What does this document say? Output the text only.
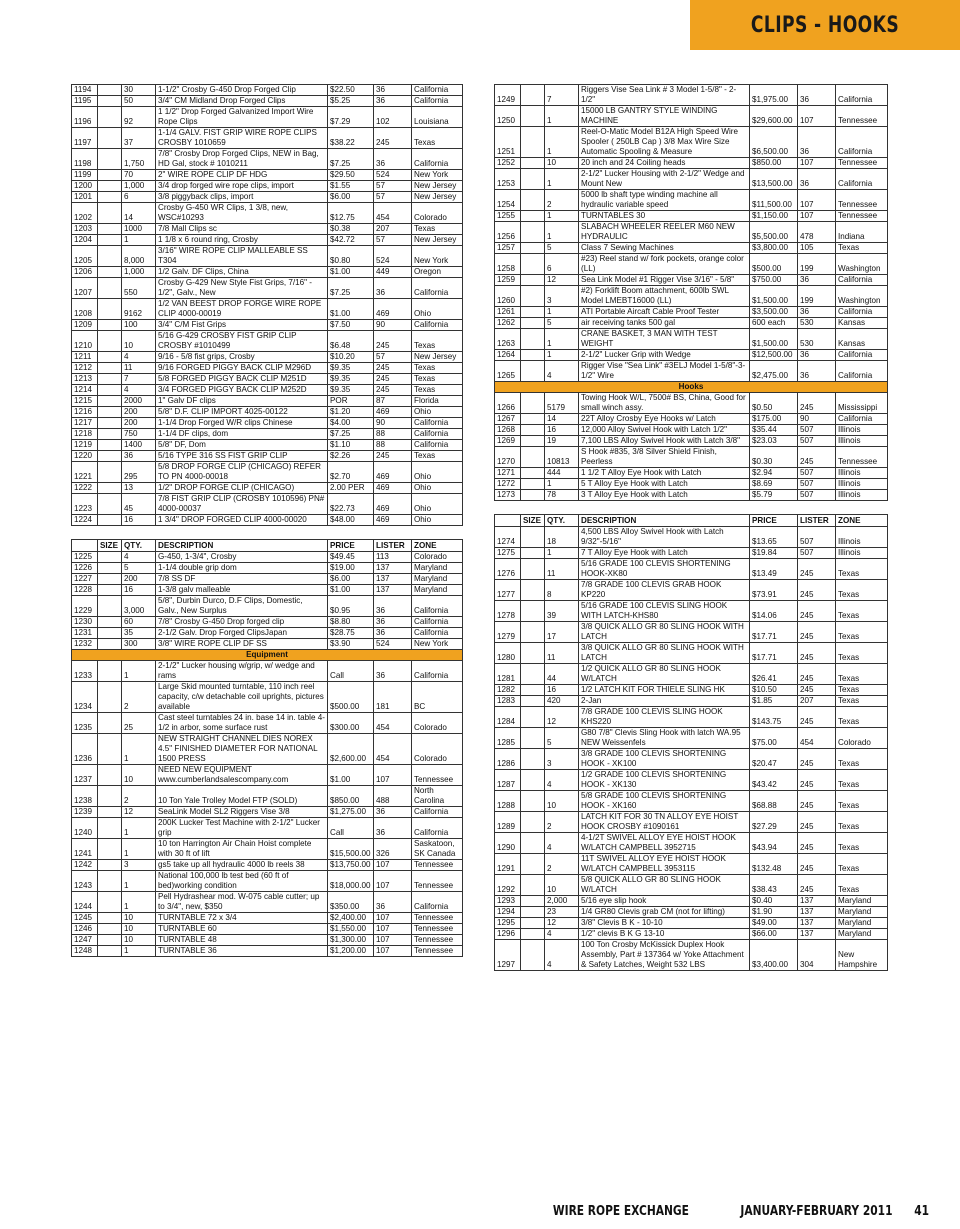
CLIPS - HOOKS
1194		30	1-1/2" Crosby G-450 Drop Forged Clip	$22.50	36	California
1195		50	3/4" CM Midland Drop Forged Clips	$5.25	36	California
1196		92	1 1/2" Drop Forged Galvanized Import Wire Rope Clips	$7.29	102	Louisiana
1197		37	1-1/4 GALV. FIST GRIP WIRE ROPE CLIPS CROSBY 1010659	$38.22	245	Texas
1198		1,750	7/8" Crosby Drop Forged Clips, NEW in Bag, HD Gal, stock # 1010211	$7.25	36	California
1199		70	2" WIRE ROPE CLIP DF HDG	$29.50	524	New York
1200		1,000	3/4 drop forged wire rope clips, import	$1.55	57	New Jersey
1201		6	3/8 piggyback clips, import	$6.00	57	New Jersey
1202		14	Crosby G-450 WR Clips, 1 3/8, new, WSC#10293	$12.75	454	Colorado
1203		1000	7/8 Mall Clips sc	$0.38	207	Texas
1204		1	1 1/8 x 6 round ring, Crosby	$42.72	57	New Jersey
1205		8,000	3/16" WIRE ROPE CLIP MALLEABLE SS T304	$0.80	524	New York
1206		1,000	1/2 Galv. DF Clips, China	$1.00	449	Oregon
1207		550	Crosby G-429 New Style Fist Grips, 7/16" - 1/2", Galv., New	$7.25	36	California
1208		9162	1/2 VAN BEEST DROP FORGE WIRE ROPE CLIP 4000-00019	$1.00	469	Ohio
1209		100	3/4" C/M Fist Grips	$7.50	90	California
1210		10	5/16 G-429 CROSBY FIST GRIP CLIP CROSBY #1010499	$6.48	245	Texas
1211		4	9/16 - 5/8 fist grips, Crosby	$10.20	57	New Jersey
1212		11	9/16 FORGED PIGGY BACK CLIP M296D	$9.35	245	Texas
1213		7	5/8 FORGED PIGGY BACK CLIP M251D	$9.35	245	Texas
1214		4	3/4 FORGED PIGGY BACK CLIP M252D	$9.35	245	Texas
1215		2000	1" Galv DF clips	POR	87	Florida
1216		200	5/8" D.F. CLIP IMPORT 4025-00122	$1.20	469	Ohio
1217		200	1-1/4 Drop Forged W/R clips Chinese	$4.00	90	California
1218		750	1-1/4 DF clips, dom	$7.25	88	California
1219		1400	5/8" DF, Dom	$1.10	88	California
1220		36	5/16 TYPE 316 SS FIST GRIP CLIP	$2.26	245	Texas
1221		295	5/8 DROP FORGE CLIP (CHICAGO) REFER TO PN 4000-00018	$2.70	469	Ohio
1222		13	1/2" DROP FORGE CLIP (CHICAGO)	2.00 PER	469	Ohio
1223		45	7/8 FIST GRIP CLIP (CROSBY 1010596) PN# 4000-00037	$22.73	469	Ohio
1224		16	1 3/4" DROP FORGED CLIP 4000-00020	$48.00	469	Ohio

	SIZE	QTY.	DESCRIPTION	PRICE	LISTER	ZONE
1225		4	G-450, 1-3/4", Crosby	$49.45	113	Colorado
1226		5	1-1/4 double grip dom	$19.00	137	Maryland
1227		200	7/8 SS DF	$6.00	137	Maryland
1228		16	1-3/8 galv malleable	$1.00	137	Maryland
1229		3,000	5/8", Durbin Durco, D.F Clips, Domestic, Galv., New Surplus	$0.95	36	California
1230		60	7/8" Crosby G-450 Drop forged clip	$8.80	36	California
1231		35	2-1/2 Galv. Drop Forged ClipsJapan	$28.75	36	California
1232		300	3/8" WIRE ROPE CLIP DF SS	$3.90	524	New York
Equipment						
1233		1	2-1/2" Lucker housing w/grip, w/ wedge and rams	Call	36	California
1234		2	Large Skid mounted turntable, 110 inch reel capacity, c/w detachable coil uprights, pictures available	$500.00	181	BC
1235		25	Cast steel turntables 24 in. base 14 in. table 4-1/2 in arbor, some surface rust	$300.00	454	Colorado
1236		1	NEW STRAIGHT CHANNEL DIES NOREX 4.5" FINISHED DIAMETER FOR NATIONAL 1500 PRESS	$2,600.00	454	Colorado
1237		10	NEED NEW EQUIPMENT www.cumberlandsalescompany.com	$1.00	107	Tennessee
1238		2	10 Ton Yale Trolley Model FTP (SOLD)	$850.00	488	North Carolina
1239		12	SeaLink Model SL2 Riggers Vise 3/8	$1,275.00	36	California
1240		1	200K Lucker Test Machine with 2-1/2" Lucker grip	Call	36	California
1241		1	10 ton Harrington Air Chain Hoist complete with 30 ft of lift	$15,500.00	326	Saskatoon, SK Canada
1242		3	gs5 take up all hydraulic 4000 lb reels 38	$13,750.00	107	Tennessee
1243		1	National 100,000 lb test bed (60 ft of bed)working condition	$18,000.00	107	Tennessee
1244		1	Pell Hydrashear mod. W-075 cable cutter; up to 3/4", new, $350	$350.00	36	California
1245		10	TURNTABLE 72 x 3/4	$2,400.00	107	Tennessee
1246		10	TURNTABLE 60	$1,550.00	107	Tennessee
1247		10	TURNTABLE 48	$1,300.00	107	Tennessee
1248		1	TURNTABLE 36	$1,200.00	107	Tennessee
1249		7	Riggers Vise Sea Link # 3 Model 1-5/8" - 2-1/2"	$1,975.00	36	California
1250		1	15000 LB GANTRY STYLE WINDING MACHINE	$29,600.00	107	Tennessee
1251		1	Reel-O-Matic Model B12A High Speed Wire Spooler ( 250LB Cap ) 3/8 Max Wire Size Automatic Spooling & Measure	$6,500.00	36	California
1252		10	20 inch and 24 Coiling heads	$850.00	107	Tennessee
1253		1	2-1/2" Lucker Housing with 2-1/2" Wedge and Mount New	$13,500.00	36	California
1254		2	5000 lb shaft type winding machine all hydraulic variable speed	$11,500.00	107	Tennessee
1255		1	TURNTABLES 30	$1,150.00	107	Tennessee
1256		1	SLABACH WHEELER REELER M60 NEW HYDRAULIC	$5,500.00	478	Indiana
1257		5	Class 7 Sewing Machines	$3,800.00	105	Texas
1258		6	#23) Reel stand w/ fork pockets, orange color (LL)	$500.00	199	Washington
1259		12	Sea Link Model #1 Rigger Vise 3/16" - 5/8"	$750.00	36	California
1260		3	#2) Forklift Boom attachment, 600lb SWL Model LMEBT16000 (LL)	$1,500.00	199	Washington
1261		1	ATI Portable Aircaft Cable Proof Tester	$3,500.00	36	California
1262		5	air receiving tanks 500 gal	600 each	530	Kansas
1263		1	CRANE BASKET, 3 MAN WITH TEST WEIGHT	$1,500.00	530	Kansas
1264		1	2-1/2" Lucker Grip with Wedge	$12,500.00	36	California
1265		4	Rigger Vise "Sea Link" #3ELJ Model 1-5/8"-3-1/2" Wire	$2,475.00	36	California
Hooks						
1266		5179	Towing Hook W/L, 7500# BS, China, Good for small winch assy.	$0.50	245	Mississippi
1267		14	22T Alloy Crosby Eye Hooks w/ Latch	$175.00	90	California
1268		16	12,000 Alloy Swivel Hook with Latch 1/2"	$35.44	507	Illinois
1269		19	7,100 LBS Alloy Swivel Hook with Latch 3/8"	$23.03	507	Illinois
1270		10813	S Hook #835, 3/8 Silver Shield Finish, Peerless	$0.30	245	Tennessee
1271		444	1 1/2 T Alloy Eye Hook with Latch	$2.94	507	Illinois
1272		1	5 T Alloy Eye Hook with Latch	$8.69	507	Illinois
1273		78	3 T Alloy Eye Hook with Latch	$5.79	507	Illinois

	SIZE	QTY.	DESCRIPTION	PRICE	LISTER	ZONE
1274		18	4,500 LBS Alloy Swivel Hook with Latch 9/32"-5/16"	$13.65	507	Illinois
1275		1	7 T Alloy Eye Hook with Latch	$19.84	507	Illinois
1276		11	5/16 GRADE 100 CLEVIS SHORTENING HOOK-XK80	$13.49	245	Texas
1277		8	7/8 GRADE 100 CLEVIS GRAB HOOK KP220	$73.91	245	Texas
1278		39	5/16 GRADE 100 CLEVIS SLING HOOK WITH LATCH-KHS80	$14.06	245	Texas
1279		17	3/8 QUICK ALLO GR 80 SLING HOOK WITH LATCH	$17.71	245	Texas
1280		11	3/8 QUICK ALLO GR 80 SLING HOOK WITH LATCH	$17.71	245	Texas
1281		44	1/2 QUICK ALLO GR 80 SLING HOOK W/LATCH	$26.41	245	Texas
1282		16	1/2 LATCH KIT FOR THIELE SLING HK	$10.50	245	Texas
1283		420	2-Jan	$1.85	207	Texas
1284		12	7/8 GRADE 100 CLEVIS SLING HOOK KHS220	$143.75	245	Texas
1285		5	G80 7/8" Clevis Sling Hook with latch WA.95 NEW Weissenfels	$75.00	454	Colorado
1286		3	3/8 GRADE 100 CLEVIS SHORTENING HOOK - XK100	$20.47	245	Texas
1287		4	1/2 GRADE 100 CLEVIS SHORTENING HOOK - XK130	$43.42	245	Texas
1288		10	5/8 GRADE 100 CLEVIS SHORTENING HOOK - XK160	$68.88	245	Texas
1289		2	LATCH KIT FOR 30 TN ALLOY EYE HOIST HOOK CROSBY #1090161	$27.29	245	Texas
1290		4	4-1/2T SWIVEL ALLOY EYE HOIST HOOK W/LATCH CAMPBELL 3952715	$43.94	245	Texas
1291		2	11T SWIVEL ALLOY EYE HOIST HOOK W/LATCH CAMPBELL 3953115	$132.48	245	Texas
1292		10	5/8 QUICK ALLO GR 80 SLING HOOK W/LATCH	$38.43	245	Texas
1293		2,000	5/16 eye slip hook	$0.40	137	Maryland
1294		23	1/4 GR80 Clevis grab CM (not for lifting)	$1.90	137	Maryland
1295		12	3/8" Clevis B K - 10-10	$49.00	137	Maryland
1296		4	1/2" clevis B K G 13-10	$66.00	137	Maryland
1297		4	100 Ton Crosby McKissick Duplex Hook Assembly, Part # 137364 w/ Yoke Attachment & Safety Latches, Weight 532 LBS	$3,400.00	304	New Hampshire
WIRE ROPE EXCHANGE	JANUARY-FEBRUARY 2011 41
